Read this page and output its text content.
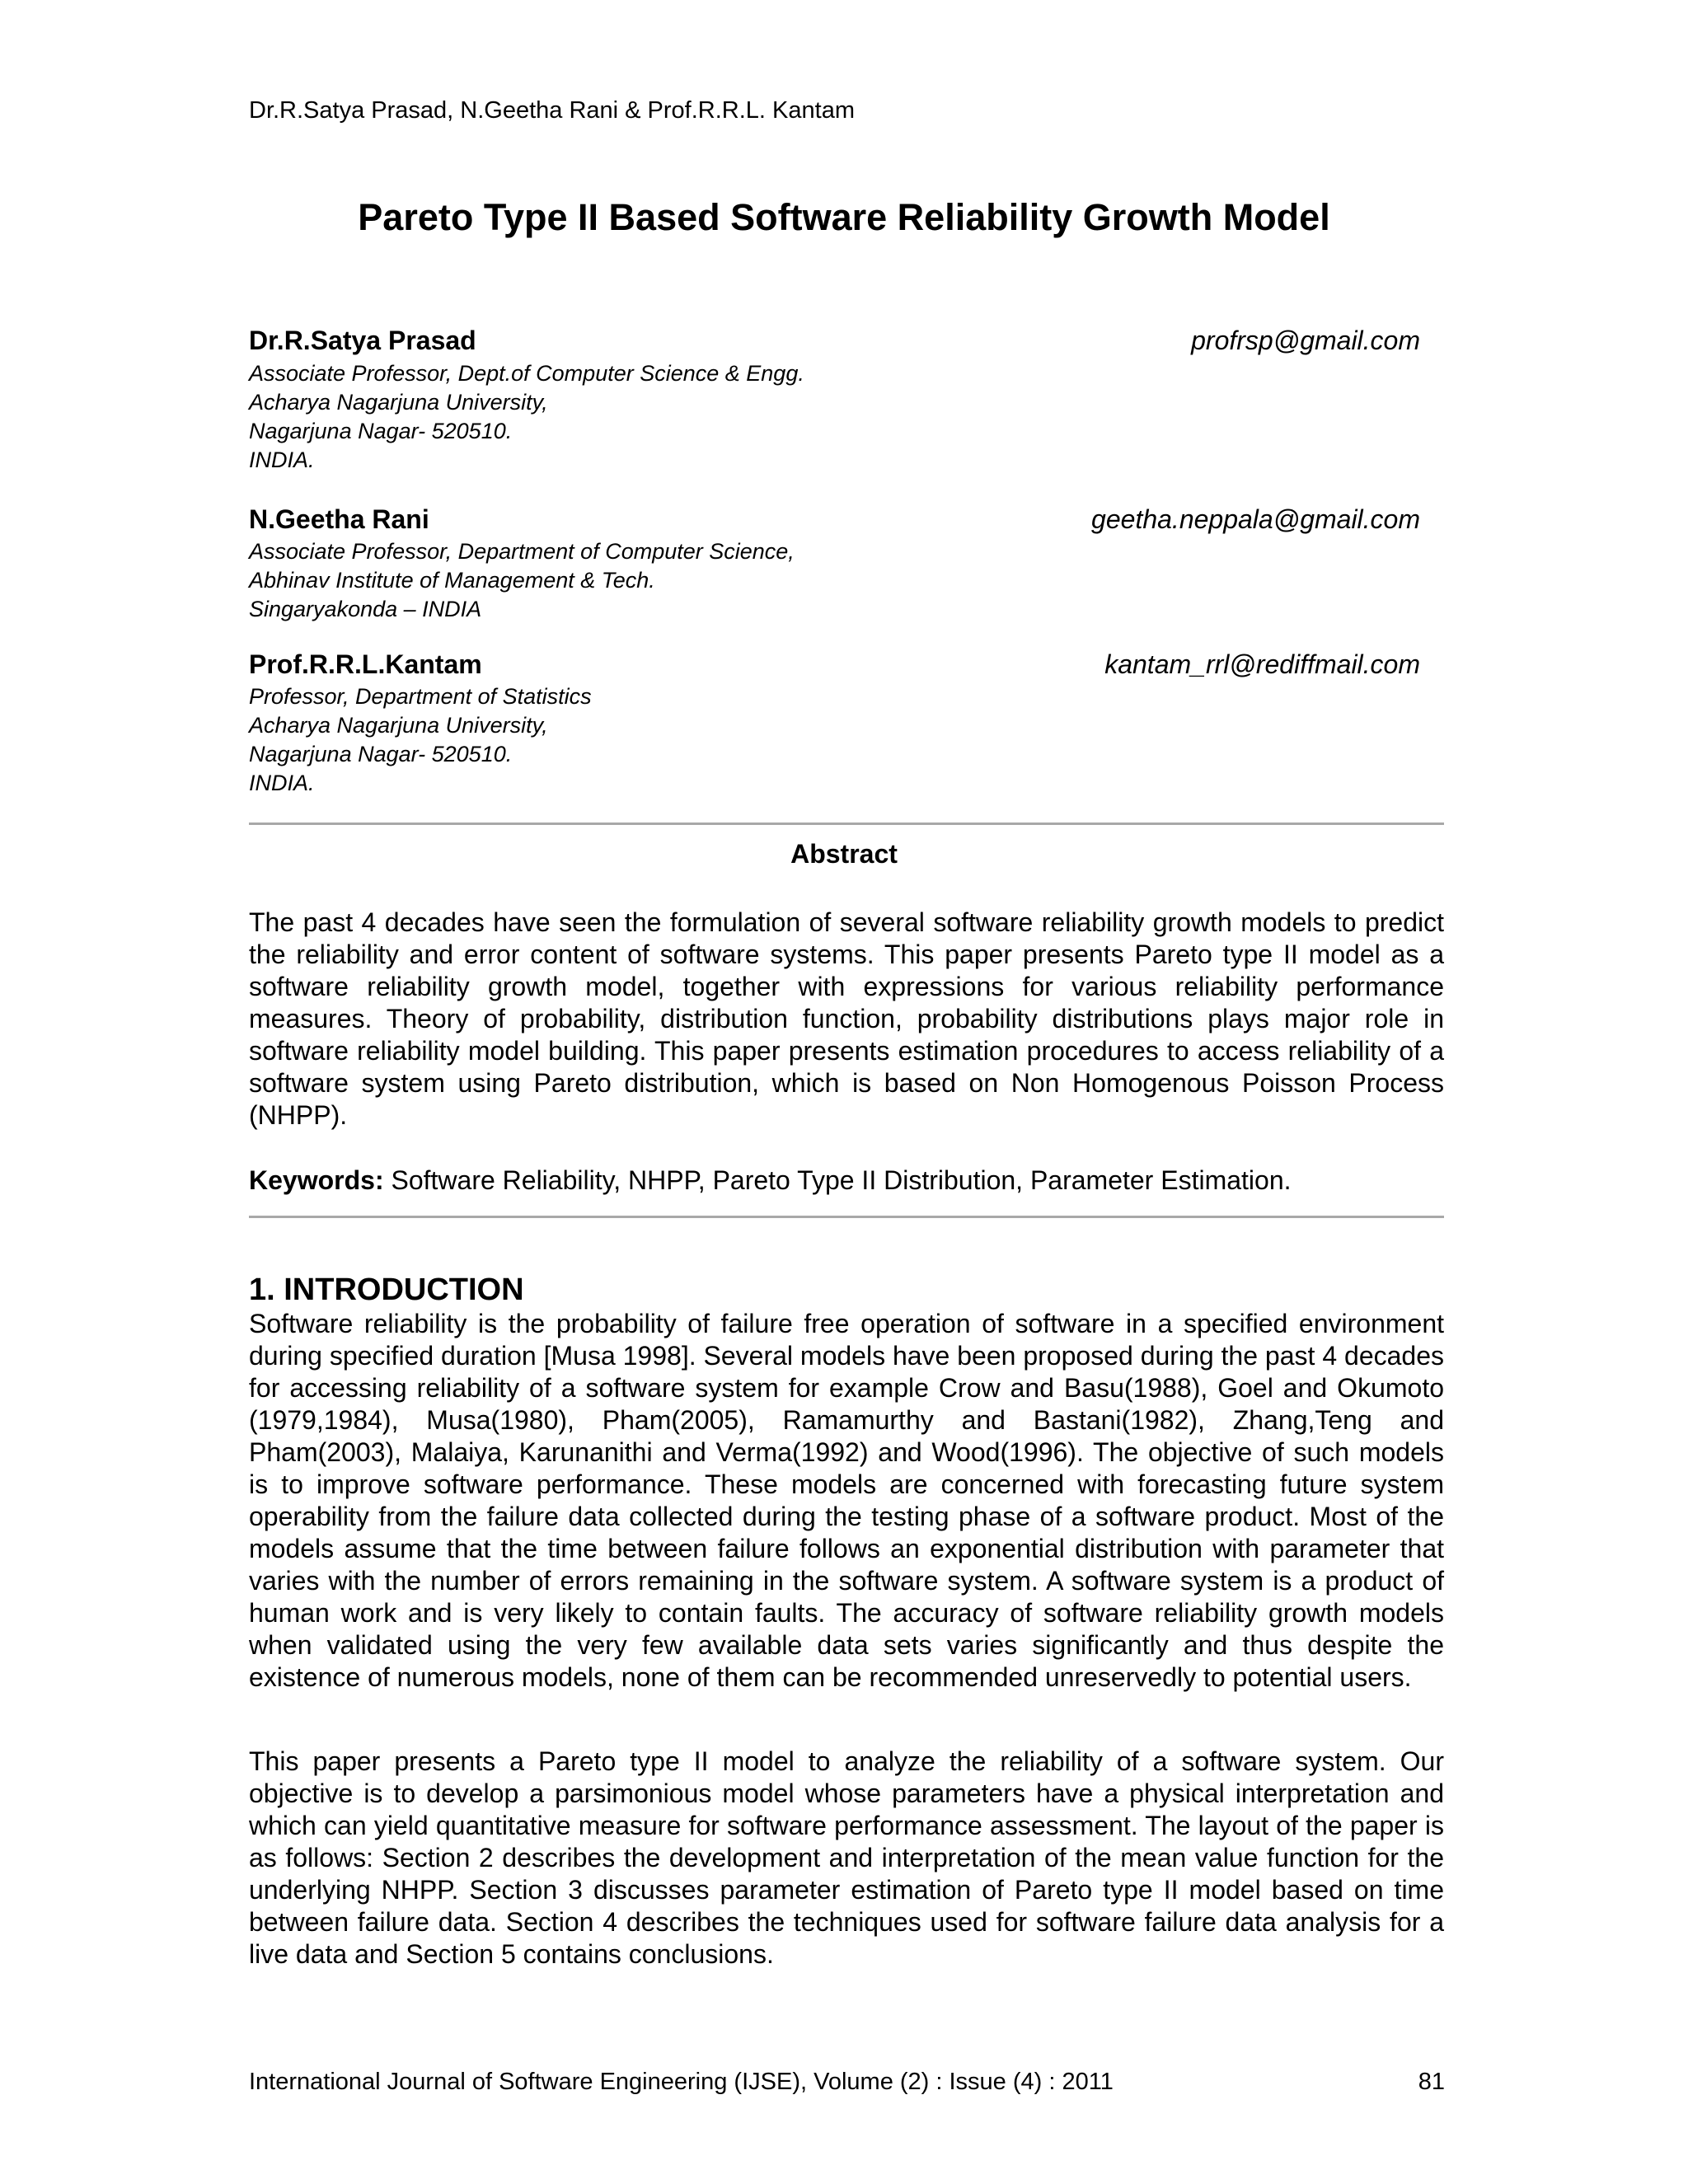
Dr.R.Satya Prasad, N.Geetha Rani & Prof.R.R.L. Kantam
Pareto Type II Based Software Reliability Growth Model
Dr.R.Satya Prasad	profrsp@gmail.com
Associate Professor, Dept.of Computer Science & Engg.
Acharya Nagarjuna University,
Nagarjuna Nagar- 520510.
INDIA.
N.Geetha Rani	geetha.neppala@gmail.com
Associate Professor, Department of Computer Science,
Abhinav Institute of Management & Tech.
Singaryakonda – INDIA
Prof.R.R.L.Kantam	kantam_rrl@rediffmail.com
Professor, Department of Statistics
Acharya Nagarjuna University,
Nagarjuna Nagar- 520510.
INDIA.
Abstract

The past 4 decades have seen the formulation of several software reliability growth models to predict the reliability and error content of software systems. This paper presents Pareto type II model as a software reliability growth model, together with expressions for various reliability performance measures. Theory of probability, distribution function, probability distributions plays major role in software reliability model building. This paper presents estimation procedures to access reliability of a software system using Pareto distribution, which is based on Non Homogenous Poisson Process (NHPP).

Keywords: Software Reliability, NHPP, Pareto Type II Distribution, Parameter Estimation.
1. INTRODUCTION

Software reliability is the probability of failure free operation of software in a specified environment during specified duration [Musa 1998]. Several models have been proposed during the past 4 decades for accessing reliability of a software system for example Crow and Basu(1988), Goel and Okumoto (1979,1984), Musa(1980), Pham(2005), Ramamurthy and Bastani(1982), Zhang,Teng and Pham(2003), Malaiya, Karunanithi and Verma(1992) and Wood(1996). The objective of such models is to improve software performance. These models are concerned with forecasting future system operability from the failure data collected during the testing phase of a software product. Most of the models assume that the time between failure follows an exponential distribution with parameter that varies with the number of errors remaining in the software system. A software system is a product of human work and is very likely to contain faults. The accuracy of software reliability growth models when validated using the very few available data sets varies significantly and thus despite the existence of numerous models, none of them can be recommended unreservedly to potential users.

This paper presents a Pareto type II model to analyze the reliability of a software system. Our objective is to develop a parsimonious model whose parameters have a physical interpretation and which can yield quantitative measure for software performance assessment. The layout of the paper is as follows: Section 2 describes the development and interpretation of the mean value function for the underlying NHPP. Section 3 discusses parameter estimation of Pareto type II model based on time between failure data. Section 4 describes the techniques used for software failure data analysis for a live data and Section 5 contains conclusions.

International Journal of Software Engineering (IJSE), Volume (2) : Issue (4) : 2011	81
